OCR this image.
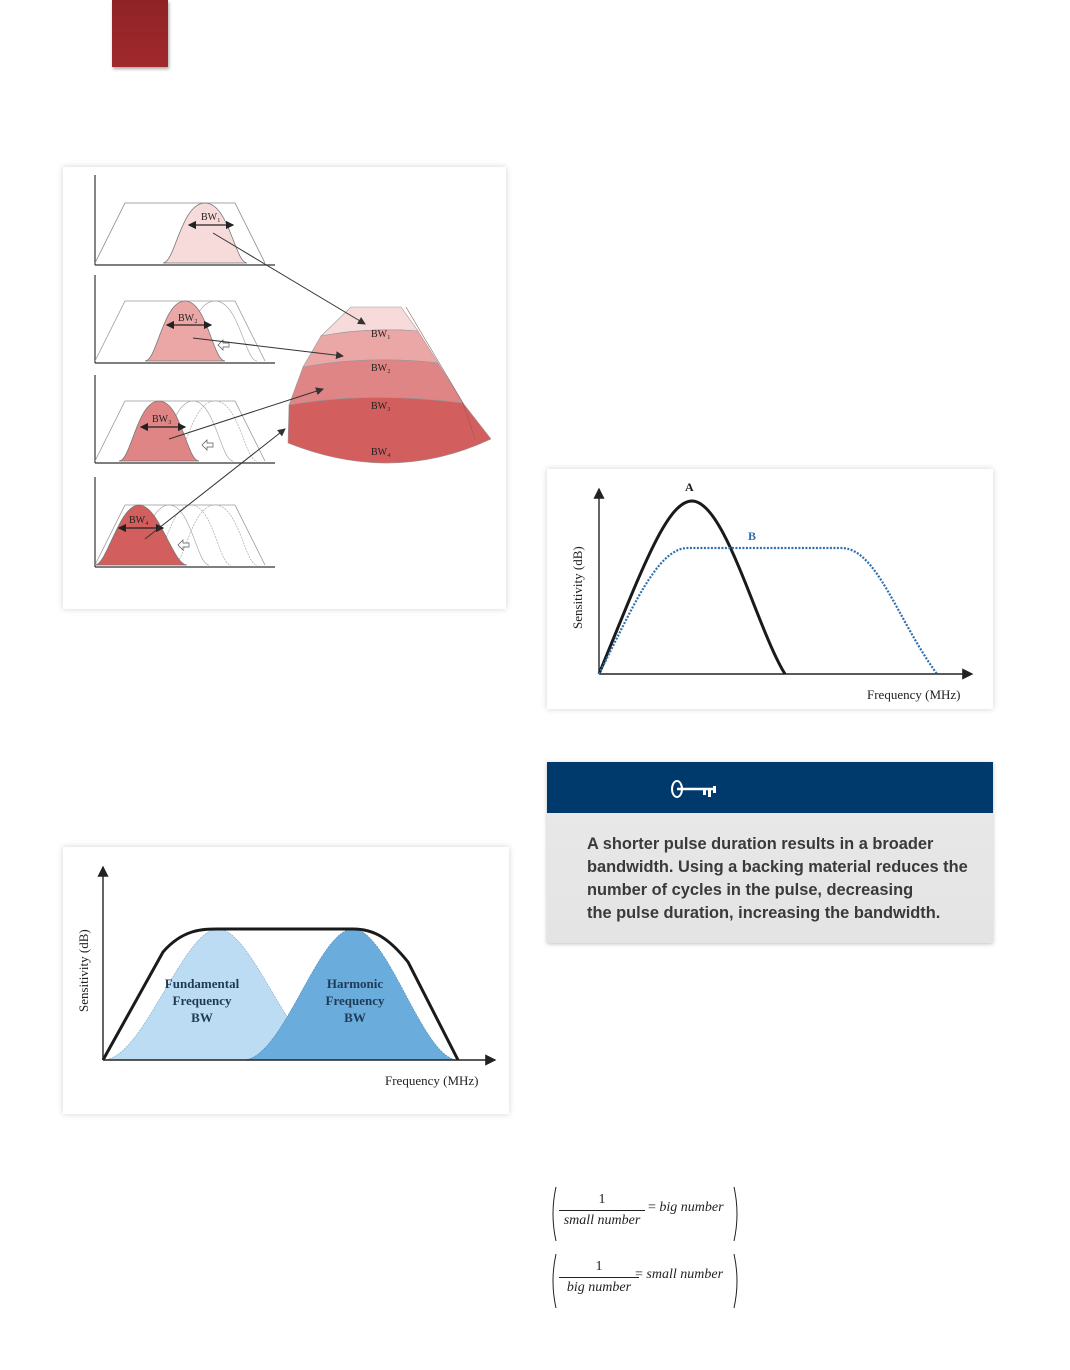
BW₁
BW₂
BW₃
BW₄
BW₁
BW₂
BW₃
BW₄
A
B
Frequency (MHz)
Sensitivity (dB)

A shorter pulse duration results in a broader
bandwidth. Using a backing material reduces the
number of cycles in the pulse, decreasing
the pulse duration, increasing the bandwidth.

Fundamental
Frequency
BW
Harmonic
Frequency
BW
Frequency (MHz)
Sensitivity (dB)
1
small number
= big number
1
big number
= small number
